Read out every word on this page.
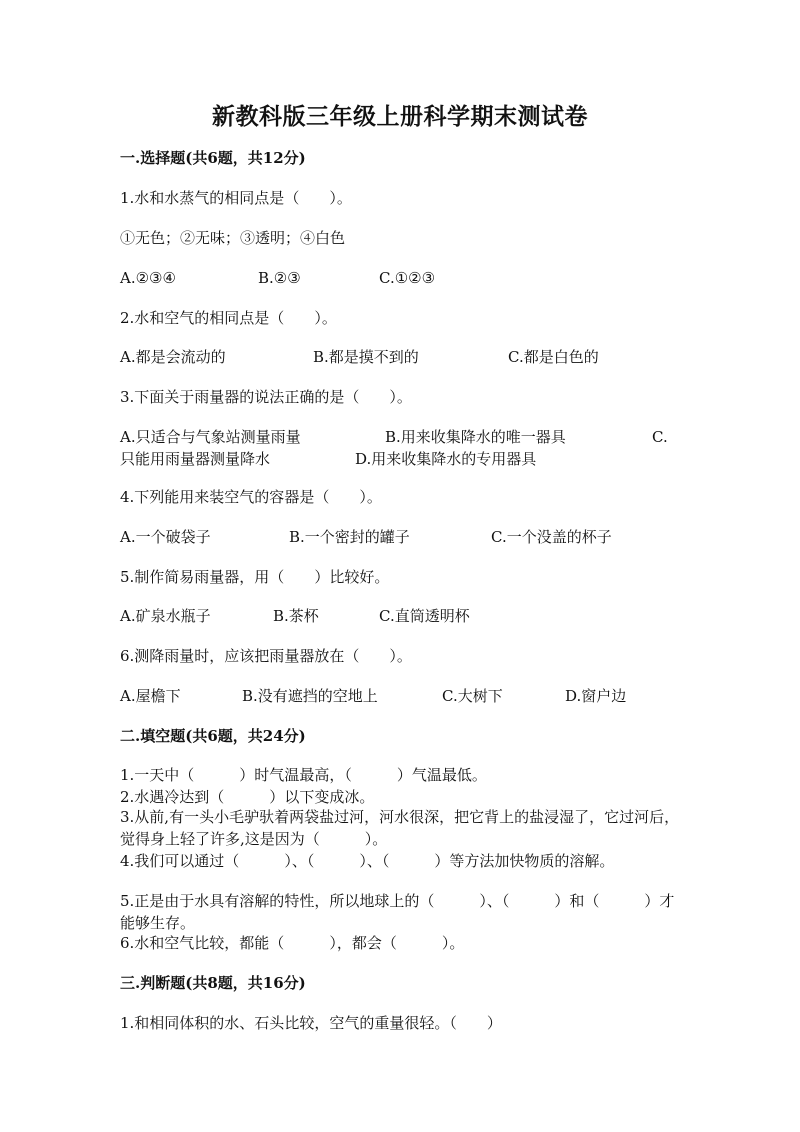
新教科版三年级上册科学期末测试卷
一.选择题(共6题，共12分)
1.水和水蒸气的相同点是（　　）。
①无色；②无味；③透明；④白色
A.②③④	B.②③	C.①②③
2.水和空气的相同点是（　　）。
A.都是会流动的	B.都是摸不到的	C.都是白色的
3.下面关于雨量器的说法正确的是（　　）。
A.只适合与气象站测量雨量	B.用来收集降水的唯一器具	C.
只能用雨量器测量降水	D.用来收集降水的专用器具
4.下列能用来装空气的容器是（　　）。
A.一个破袋子	B.一个密封的罐子	C.一个没盖的杯子
5.制作简易雨量器，用（　　）比较好。
A.矿泉水瓶子	B.茶杯	C.直筒透明杯
6.测降雨量时，应该把雨量器放在（　　）。
A.屋檐下	B.没有遮挡的空地上	C.大树下	D.窗户边
二.填空题(共6题，共24分)
1.一天中（　　　）时气温最高，（　　　）气温最低。
2.水遇冷达到（　　　）以下变成冰。
3.从前,有一头小毛驴驮着两袋盐过河，河水很深，把它背上的盐浸湿了，它过河后，觉得身上轻了许多,这是因为（　　　）。
4.我们可以通过（　　　）、（　　　）、（　　　）等方法加快物质的溶解。
5.正是由于水具有溶解的特性，所以地球上的（　　　）、（　　　）和（　　　）才能够生存。
6.水和空气比较，都能（　　　），都会（　　　）。
三.判断题(共8题，共16分)
1.和相同体积的水、石头比较，空气的重量很轻。（　　）
